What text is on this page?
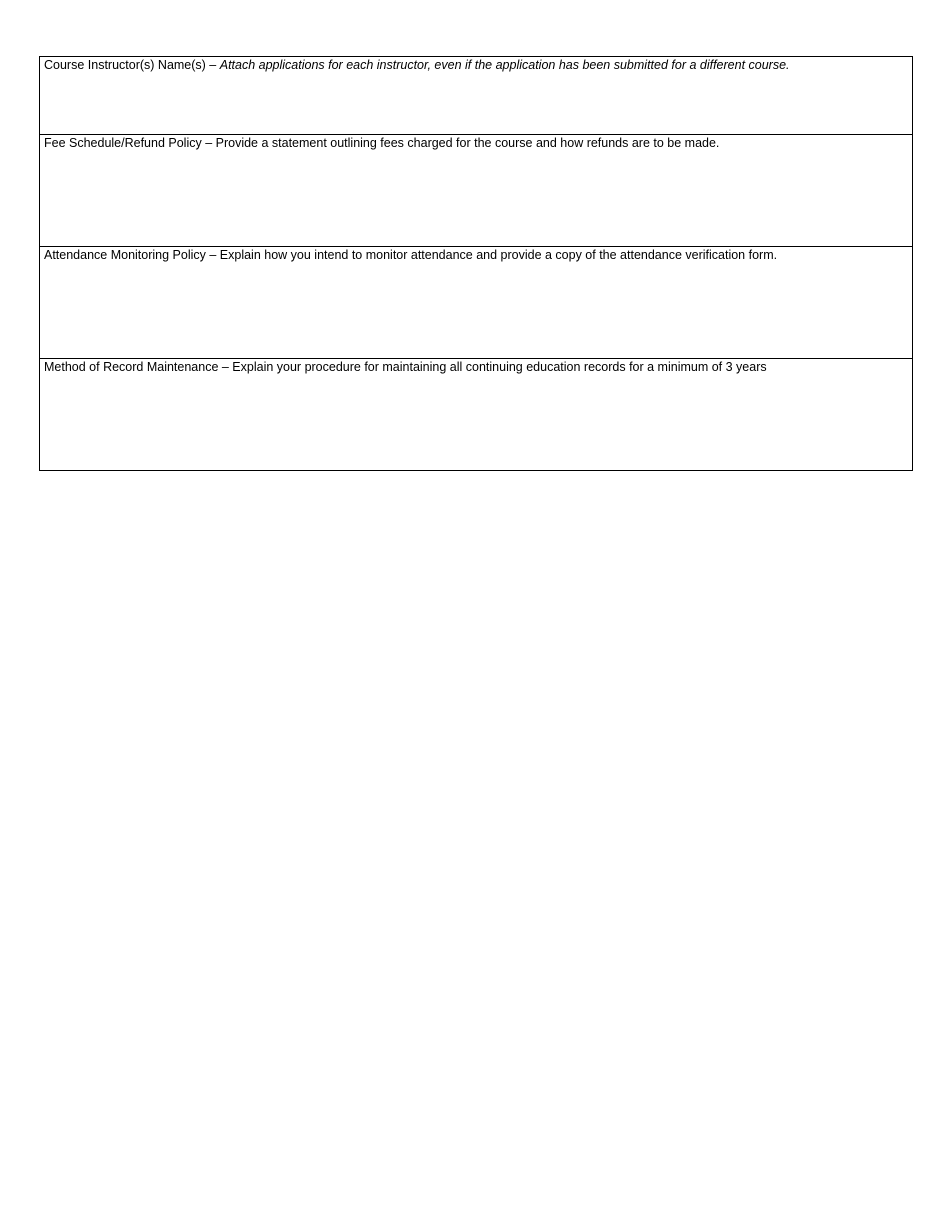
Course Instructor(s) Name(s) – Attach applications for each instructor, even if the application has been submitted for a different course.
Fee Schedule/Refund Policy – Provide a statement outlining fees charged for the course and how refunds are to be made.
Attendance Monitoring Policy – Explain how you intend to monitor attendance and provide a copy of the attendance verification form.
Method of Record Maintenance – Explain your procedure for maintaining all continuing education records for a minimum of 3 years
